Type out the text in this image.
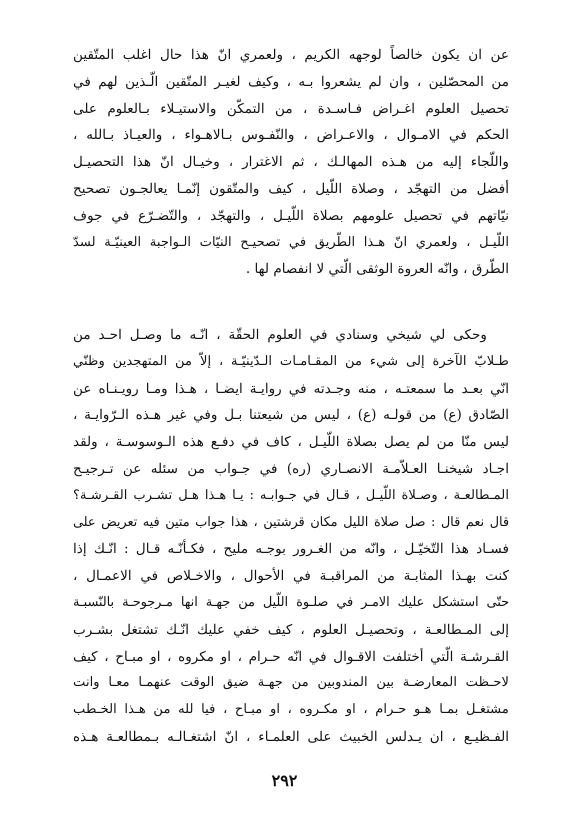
عن ان يكون خالصاً لوجهه الكريم ، ولعمري انّ هذا حال اغلب المتّقين
من المحصّلين ، وان لم يشعروا بـه ، وكيف لغيـر المتّقين الّـذين لهم في
تحصيل العلوم اغـراض فـاسـدة ، من التمكّن والاستيـلاء بـالعلوم على
الحكم في الامـوال ، والاعـراض ، والنّفـوس بـالاهـواء ، والعيـاذ بـالله ،
واللّجاء إليه من هـذه المهالـك ، ثم الاغترار ، وخيـال انّ هذا التحصيـل
أفضل من التهجّد ، وصلاة اللّيل ، كيف والمتّقون إنّمـا يعالجـون تصحيح
نيّاتهم في تحصيل علومهم بصلاة اللّيـل ، والتهجّد ، والتّضـرّع في جوف
اللّيـل ، ولعمري انّ هـذا الطّريق في تصحيـح النيّات الـواجبة العينيّـة لسدّ
الطّرق ، وانّه العروة الوثقى الّتي لا انفصام لها .
وحكى لي شيخي وسنادي في العلوم الحقّة ، انّـه ما وصـل احـد من
طـلابّ الآخرة إلى شيء من المقـامـات الـدّينيّـة ، إلاّ من المتهجدين وظنّي
انّي بعـد ما سمعتـه ، منه وجـدته في روايـة ايضـا ، هـذا ومـا رويـنـاه عن
الصّادق (ع) من قولـه (ع) ، ليس من شيعتنا بـل وفي غير هـذه الـرّوايـة ،
ليس منّا من لم يصل بصلاة اللّيـل ، كاف في دفـع هذه الـوسوسـة ، ولقد
اجـاد شيخنـا العـلاّمـة الانصـاري (ره) في جـواب من سئله عن تـرجيـح
المـطالعـة ، وصـلاة اللّيـل ، قـال في جـوابـه : يـا هـذا هـل تشـرب القـرشـة؟
قال نعم قال : صل صلاة الليل مكان قرشتين ، هذا جواب متين فيه تعريض على
فسـاد هذا التّخيّـل ، وانّه من الغـرور بوجـه مليح ، فكـأنّـه قـال : انّـك إذا
كنت بهـذا المثابـة من المراقبـة في الأحوال ، والاخـلاص في الاعمـال ،
حتّى استشكل عليك الامـر في صلـوة اللّيل من جهـة انها مـرجوحـة بالنّسبـة
إلى المـطالعـة ، وتحصيـل العلوم ، كيف خفي عليك انّـك تشتغل بشـرب
القـرشـة الّتي أختلفت الاقـوال في انّه حـرام ، او مكروه ، او مبـاح ، كيف
لاحـظت المعارضـة بين المندوبين من جهـة ضيق الوقت عنهمـا معـا وانت
مشتغـل بمـا هـو حـرام ، او مكـروه ، او مبـاح ، فيا لله من هـذا الخـطب
الفـظيـع ، ان يـدلس الخبيث على العلمـاء ، انّ اشتغـالـه بـمطالعـة هـذه
٢٩٢
